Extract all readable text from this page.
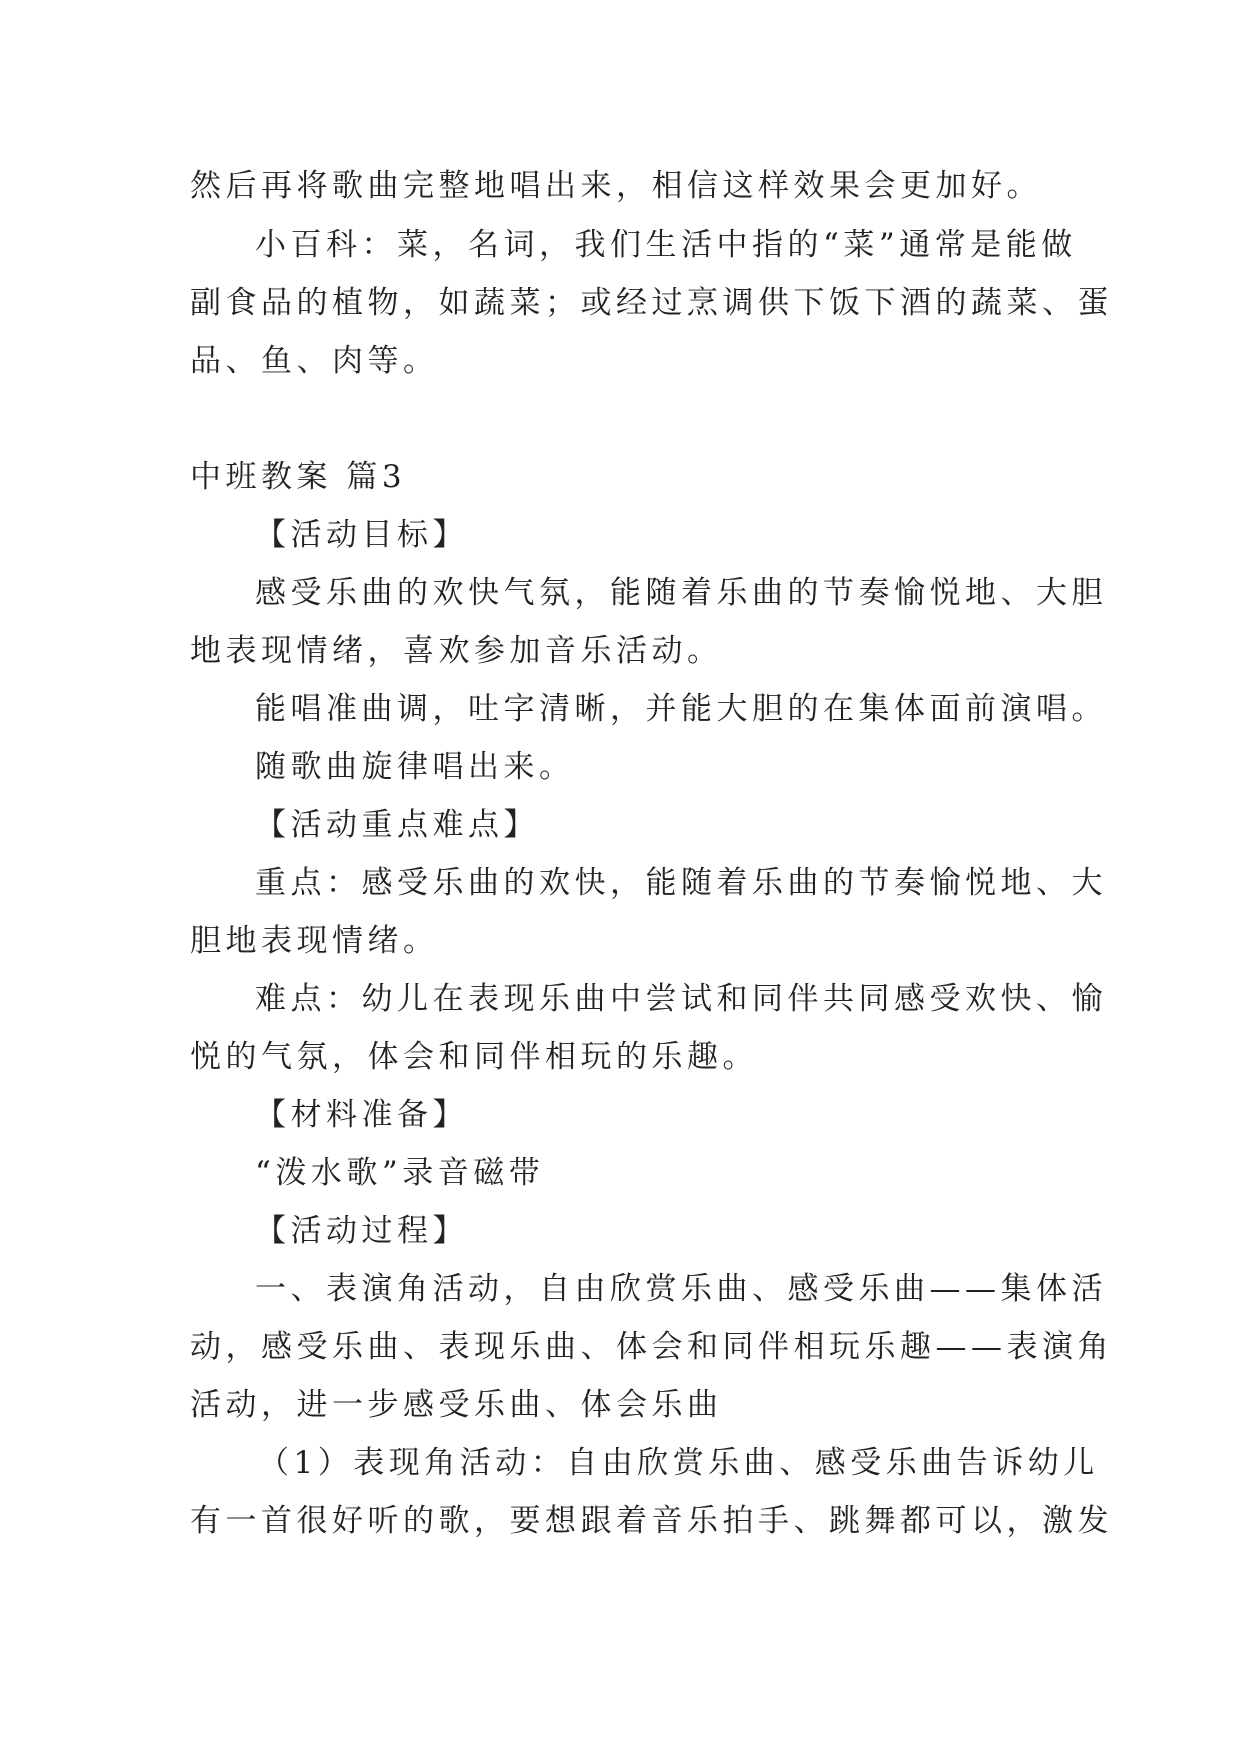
然后再将歌曲完整地唱出来，相信这样效果会更加好。

小百科：菜，名词，我们生活中指的“菜”通常是能做

副食品的植物，如蔬菜；或经过烹调供下饭下酒的蔬菜、蛋

品、鱼、肉等。

中班教案 篇3

【活动目标】

感受乐曲的欢快气氛，能随着乐曲的节奏愉悦地、大胆

地表现情绪，喜欢参加音乐活动。

能唱准曲调，吐字清晰，并能大胆的在集体面前演唱。

随歌曲旋律唱出来。

【活动重点难点】

重点：感受乐曲的欢快，能随着乐曲的节奏愉悦地、大

胆地表现情绪。

难点：幼儿在表现乐曲中尝试和同伴共同感受欢快、愉

悦的气氛，体会和同伴相玩的乐趣。

【材料准备】

“泼水歌”录音磁带

【活动过程】

一、表演角活动，自由欣赏乐曲、感受乐曲——集体活

动，感受乐曲、表现乐曲、体会和同伴相玩乐趣——表演角

活动，进一步感受乐曲、体会乐曲

（1）表现角活动：自由欣赏乐曲、感受乐曲告诉幼儿

有一首很好听的歌，要想跟着音乐拍手、跳舞都可以，激发
